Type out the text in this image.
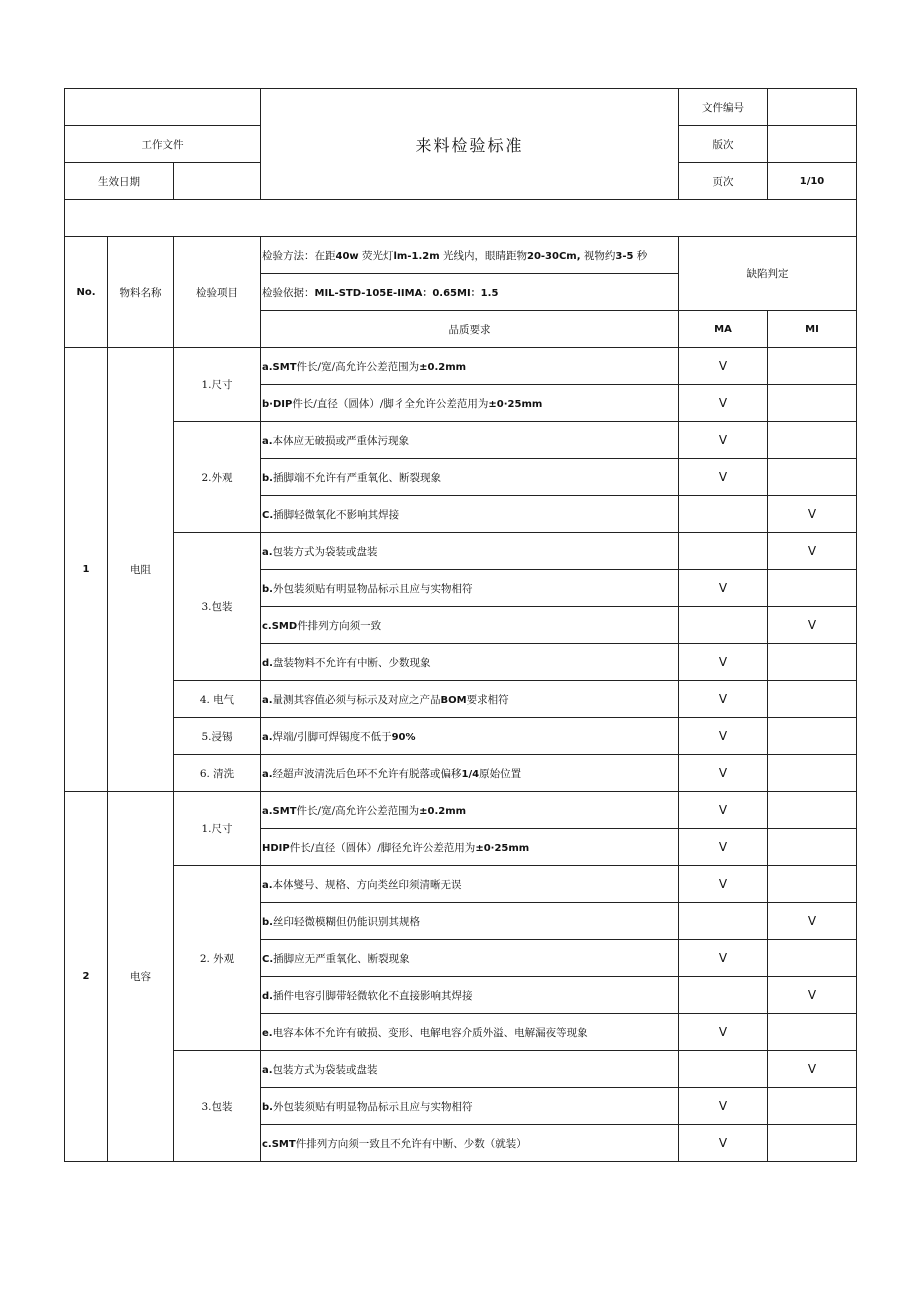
			来料检验标准	文件编号	
工作文件				版次	
生效日期				页次	1/10

No.	物料名称	检验项目	检验方法：在距40w 荧光灯lm-1.2m 光线内，眼睛距物20-30Cm, 视物约3-5 秒	缺陷判定	
			检验依据：MIL-STD-105E-IIMA：0.65MI：1.5		
			品质要求	MA	MI
1	电阻	1.尺寸	a.SMT件长/宽/高允许公差范围为±0.2mm	V	
			b·DIP件长/直径（圆体）/脚彳全允许公差范用为±0·25mm	V	
		2.外观	a.本体应无破损或严重体污现象	V	
			b.插脚端不允许有严重氧化、断裂现象	V	
			C.插脚轻微氧化不影响其焊接		V
		3.包装	a.包装方式为袋装或盘装		V
			b.外包装须贴有明显物品标示且应与实物相符	V	
			c.SMD件排列方向须一致		V
			d.盘装物料不允许有中断、少数现象	V	
		4. 电气	a.量测其容值必须与标示及对应之产品BOM要求相符	V	
		5.浸锡	a.焊端/引脚可焊锡度不低于90%	V	
		6. 清洗	a.经超声波清洗后色环不允许有脱落或偏移1/4原始位置	V	
2	电容	1.尺寸	a.SMT件长/宽/高允许公差范围为±0.2mm	V	
			HDIP件长/直径（圆体）/脚径允许公差范用为±0·25mm	V	
		2. 外观	a.本体燮号、规格、方向类丝印须清晰无误	V	
			b.丝印轻微模糊但仍能识别其规格		V
			C.插脚应无严重氧化、断裂现象	V	
			d.插件电容引脚带轻微软化不直接影响其焊接		V
			e.电容本体不允许有破损、变形、电解电容介质外溢、电解漏夜等现象	V	
		3.包装	a.包装方式为袋装或盘装		V
			b.外包装须贴有明显物品标示且应与实物相符	V	
			c.SMT件排列方向须一致且不允许有中断、少数（就装）	V	
